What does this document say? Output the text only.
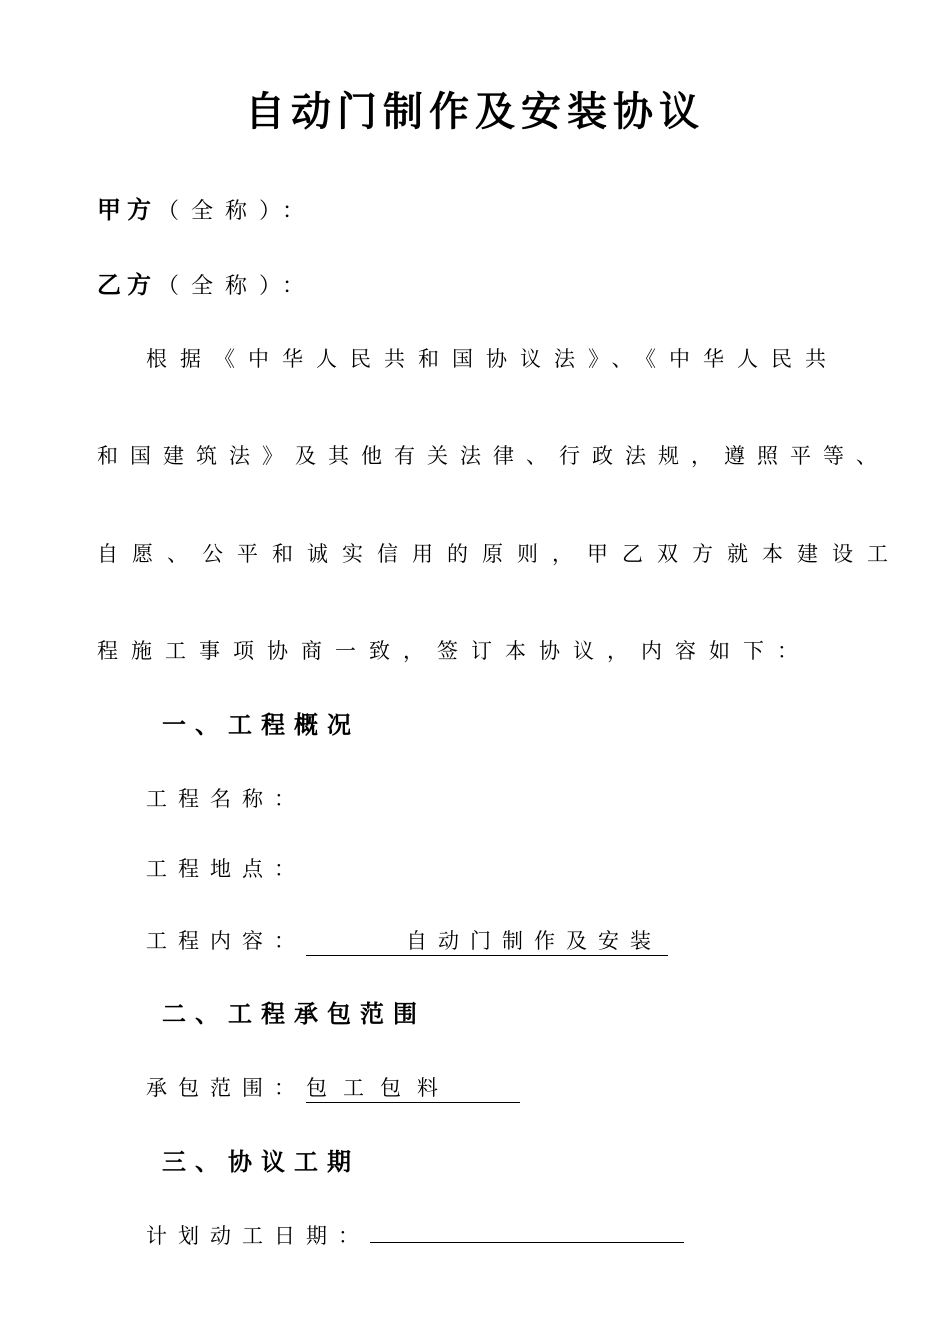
自动门制作及安装协议
甲方（全称）：
乙方（全称）：
根据《中华人民共和国协议法》、《中华人民共
和国建筑法》及其他有关法律、行政法规，遵照平等、
自愿、公平和诚实信用的原则，甲乙双方就本建设工
程施工事项协商一致，签订本协议，内容如下：
一、工程概况
工程名称：
工程地点：
工程内容：	自动门制作及安装
二、工程承包范围
承包范围：包工包料
三、协议工期
计划动工日期：
